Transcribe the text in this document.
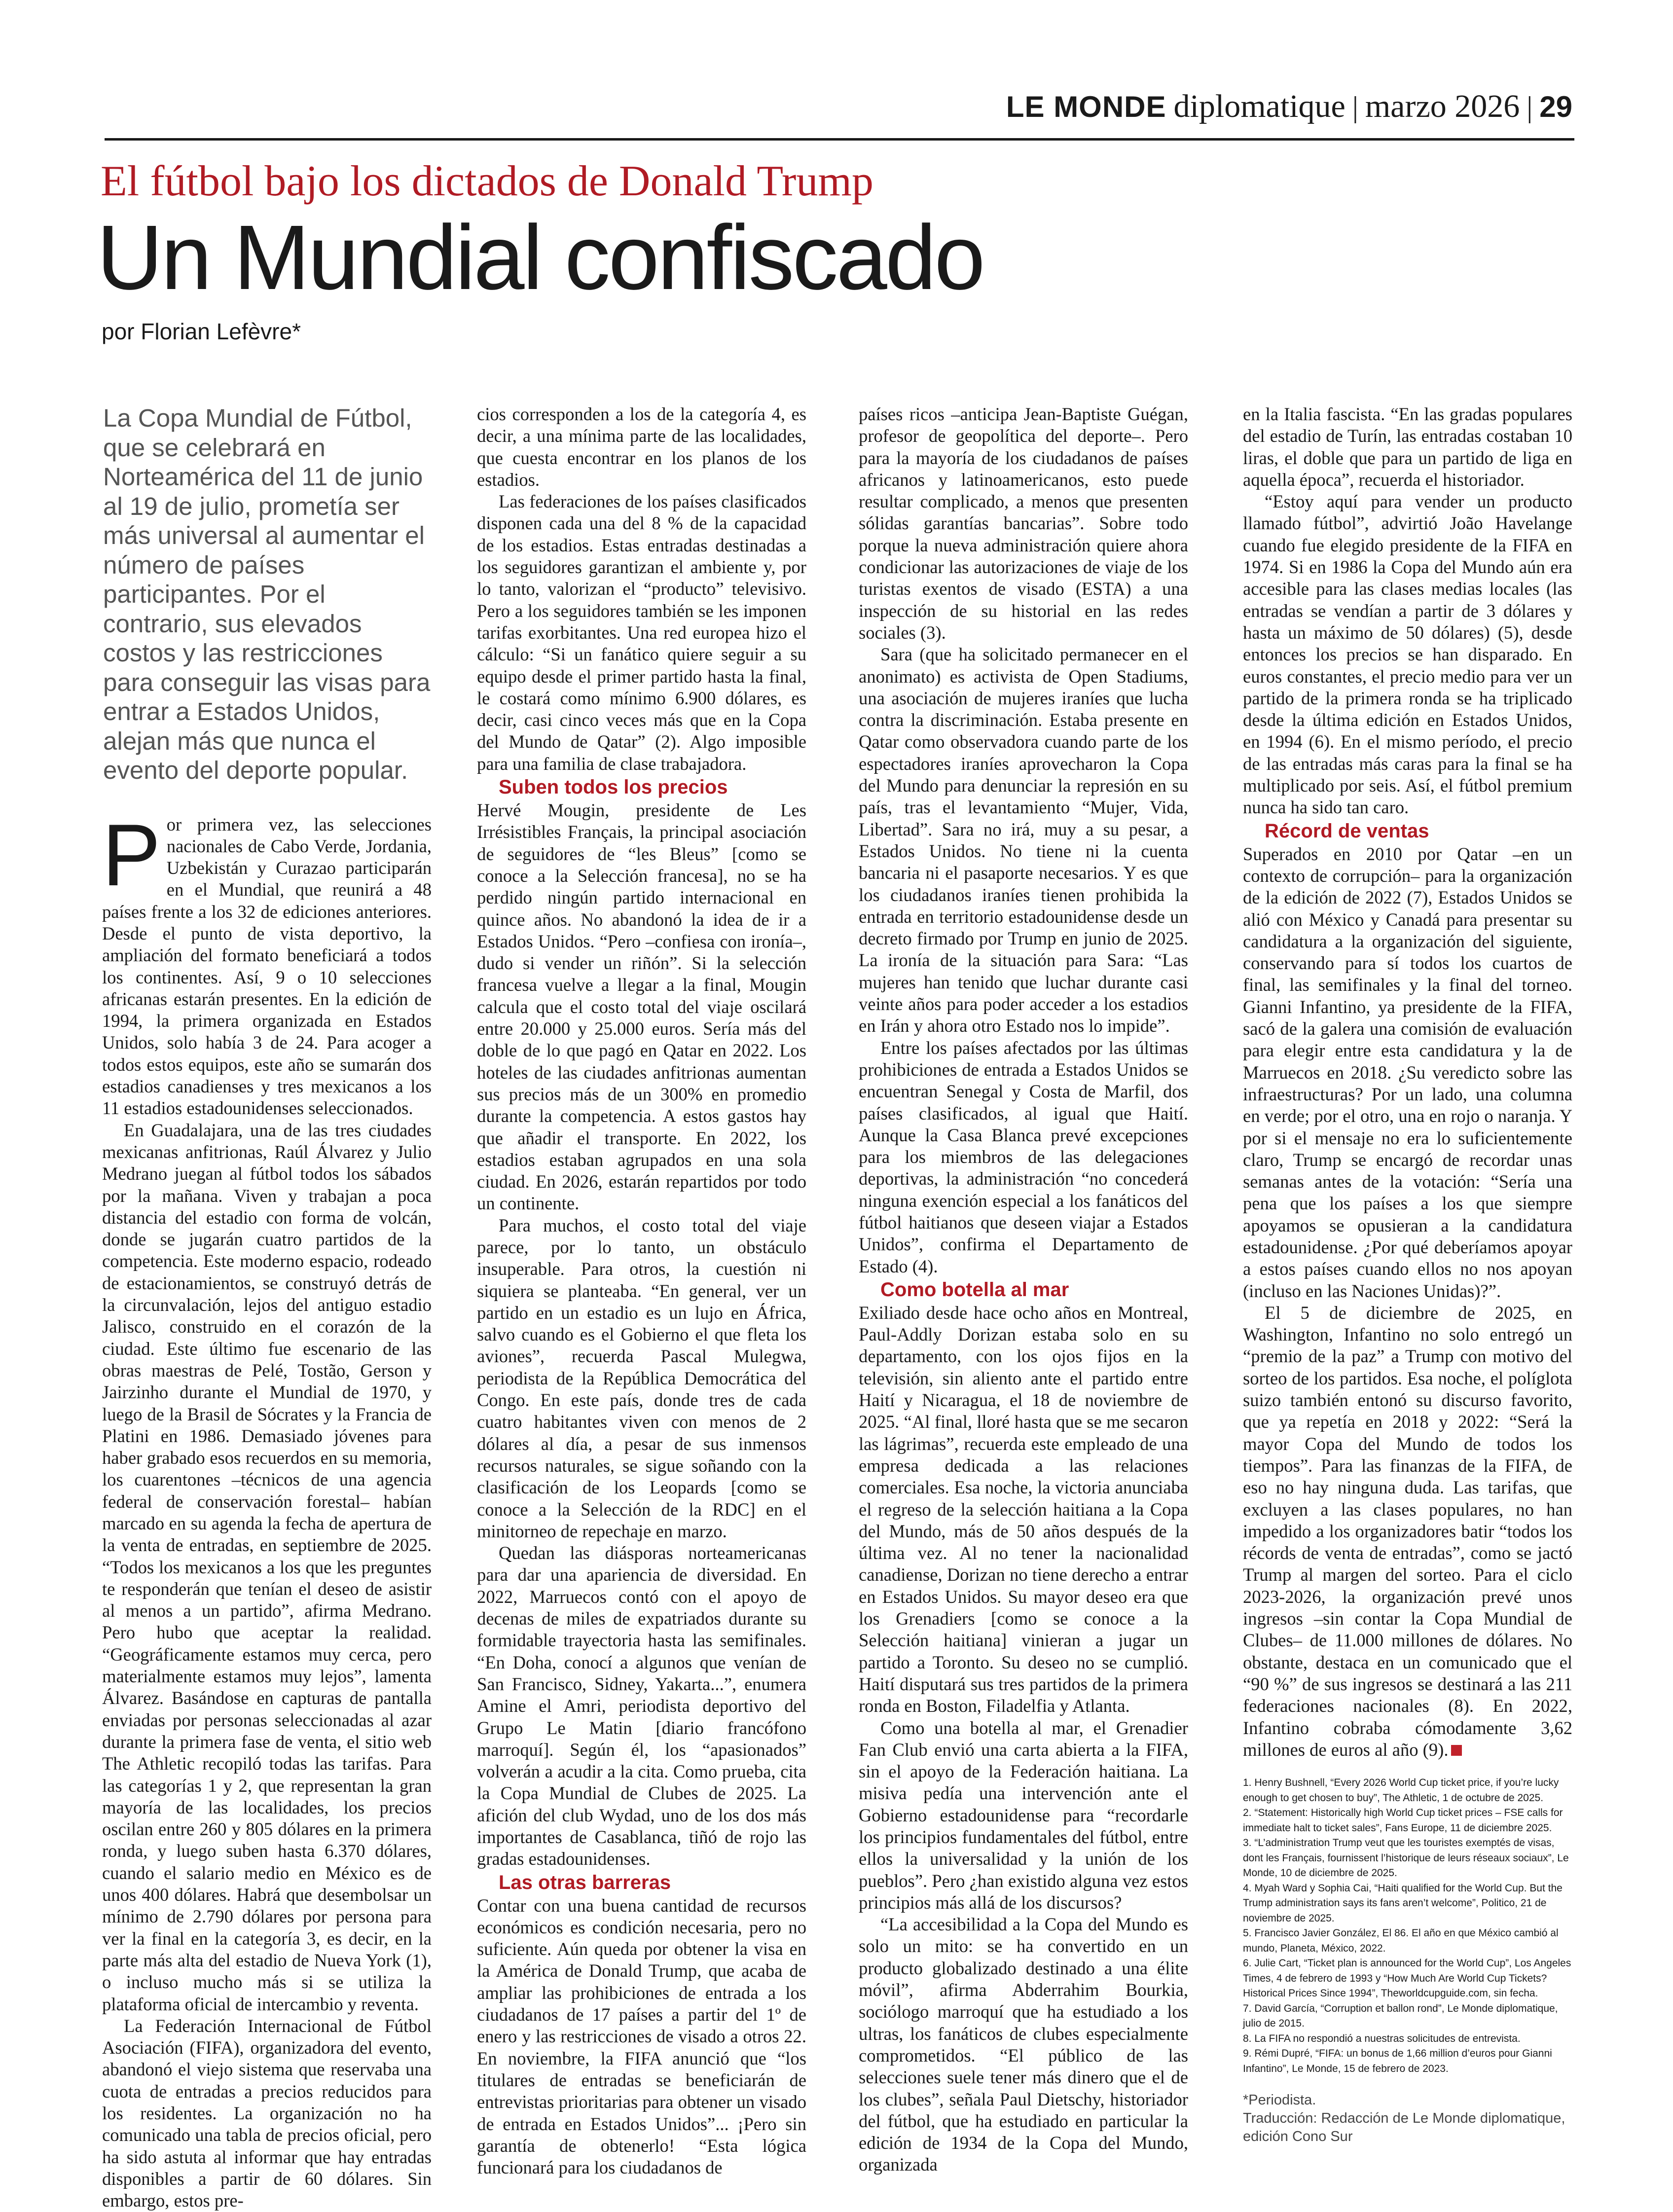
LE MONDE diplomatique | marzo 2026 | 29
El fútbol bajo los dictados de Donald Trump
Un Mundial confiscado
por Florian Lefèvre*
La Copa Mundial de Fútbol, que se celebrará en Norteamérica del 11 de junio al 19 de julio, prometía ser más universal al aumentar el número de países participantes. Por el contrario, sus elevados costos y las restricciones para conseguir las visas para entrar a Estados Unidos, alejan más que nunca el evento del deporte popular.

Por primera vez, las selecciones nacionales de Cabo Verde, Jordania, Uzbekistán y Curazao participarán en el Mundial, que reunirá a 48 países frente a los 32 de ediciones anteriores. Desde el punto de vista deportivo, la ampliación del formato beneficiará a todos los continentes. Así, 9 o 10 selecciones africanas estarán presentes. En la edición de 1994, la primera organizada en Estados Unidos, solo había 3 de 24. Para acoger a todos estos equipos, este año se sumarán dos estadios canadienses y tres mexicanos a los 11 estadios estadounidenses seleccionados.

En Guadalajara, una de las tres ciudades mexicanas anfitrionas, Raúl Álvarez y Julio Medrano juegan al fútbol todos los sábados por la mañana. Viven y trabajan a poca distancia del estadio con forma de volcán, donde se jugarán cuatro partidos de la competencia. Este moderno espacio, rodeado de estacionamientos, se construyó detrás de la circunvalación, lejos del antiguo estadio Jalisco, construido en el corazón de la ciudad. Este último fue escenario de las obras maestras de Pelé, Tostão, Gerson y Jairzinho durante el Mundial de 1970, y luego de la Brasil de Sócrates y la Francia de Platini en 1986. Demasiado jóvenes para haber grabado esos recuerdos en su memoria, los cuarentones –técnicos de una agencia federal de conservación forestal– habían marcado en su agenda la fecha de apertura de la venta de entradas, en septiembre de 2025. “Todos los mexicanos a los que les preguntes te responderán que tenían el deseo de asistir al menos a un partido”, afirma Medrano. Pero hubo que aceptar la realidad. “Geográficamente estamos muy cerca, pero materialmente estamos muy lejos”, lamenta Álvarez. Basándose en capturas de pantalla enviadas por personas seleccionadas al azar durante la primera fase de venta, el sitio web The Athletic recopiló todas las tarifas. Para las categorías 1 y 2, que representan la gran mayoría de las localidades, los precios oscilan entre 260 y 805 dólares en la primera ronda, y luego suben hasta 6.370 dólares, cuando el salario medio en México es de unos 400 dólares. Habrá que desembolsar un mínimo de 2.790 dólares por persona para ver la final en la categoría 3, es decir, en la parte más alta del estadio de Nueva York (1), o incluso mucho más si se utiliza la plataforma oficial de intercambio y reventa.

La Federación Internacional de Fútbol Asociación (FIFA), organizadora del evento, abandonó el viejo sistema que reservaba una cuota de entradas a precios reducidos para los residentes. La organización no ha comunicado una tabla de precios oficial, pero ha sido astuta al informar que hay entradas disponibles a partir de 60 dólares. Sin embargo, estos pre-

cios corresponden a los de la categoría 4, es decir, a una mínima parte de las localidades, que cuesta encontrar en los planos de los estadios.

Las federaciones de los países clasificados disponen cada una del 8 % de la capacidad de los estadios. Estas entradas destinadas a los seguidores garantizan el ambiente y, por lo tanto, valorizan el “producto” televisivo. Pero a los seguidores también se les imponen tarifas exorbitantes. Una red europea hizo el cálculo: “Si un fanático quiere seguir a su equipo desde el primer partido hasta la final, le costará como mínimo 6.900 dólares, es decir, casi cinco veces más que en la Copa del Mundo de Qatar” (2). Algo imposible para una familia de clase trabajadora.

Suben todos los precios

Hervé Mougin, presidente de Les Irrésistibles Français, la principal asociación de seguidores de “les Bleus” [como se conoce a la Selección francesa], no se ha perdido ningún partido internacional en quince años. No abandonó la idea de ir a Estados Unidos. “Pero –confiesa con ironía–, dudo si vender un riñón”. Si la selección francesa vuelve a llegar a la final, Mougin calcula que el costo total del viaje oscilará entre 20.000 y 25.000 euros. Sería más del doble de lo que pagó en Qatar en 2022. Los hoteles de las ciudades anfitrionas aumentan sus precios más de un 300% en promedio durante la competencia. A estos gastos hay que añadir el transporte. En 2022, los estadios estaban agrupados en una sola ciudad. En 2026, estarán repartidos por todo un continente.

Para muchos, el costo total del viaje parece, por lo tanto, un obstáculo insuperable. Para otros, la cuestión ni siquiera se planteaba. “En general, ver un partido en un estadio es un lujo en África, salvo cuando es el Gobierno el que fleta los aviones”, recuerda Pascal Mulegwa, periodista de la República Democrática del Congo. En este país, donde tres de cada cuatro habitantes viven con menos de 2 dólares al día, a pesar de sus inmensos recursos naturales, se sigue soñando con la clasificación de los Leopards [como se conoce a la Selección de la RDC] en el minitorneo de repechaje en marzo.

Quedan las diásporas norteamericanas para dar una apariencia de diversidad. En 2022, Marruecos contó con el apoyo de decenas de miles de expatriados durante su formidable trayectoria hasta las semifinales. “En Doha, conocí a algunos que venían de San Francisco, Sidney, Yakarta...”, enumera Amine el Amri, periodista deportivo del Grupo Le Matin [diario francófono marroquí]. Según él, los “apasionados” volverán a acudir a la cita. Como prueba, cita la Copa Mundial de Clubes de 2025. La afición del club Wydad, uno de los dos más importantes de Casablanca, tiñó de rojo las gradas estadounidenses.

Las otras barreras

Contar con una buena cantidad de recursos económicos es condición necesaria, pero no suficiente. Aún queda por obtener la visa en la América de Donald Trump, que acaba de ampliar las prohibiciones de entrada a los ciudadanos de 17 países a partir del 1º de enero y las restricciones de visado a otros 22. En noviembre, la FIFA anunció que “los titulares de entradas se beneficiarán de entrevistas prioritarias para obtener un visado de entrada en Estados Unidos”... ¡Pero sin garantía de obtenerlo! “Esta lógica funcionará para los ciudadanos de

países ricos –anticipa Jean-Baptiste Guégan, profesor de geopolítica del deporte–. Pero para la mayoría de los ciudadanos de países africanos y latinoamericanos, esto puede resultar complicado, a menos que presenten sólidas garantías bancarias”. Sobre todo porque la nueva administración quiere ahora condicionar las autorizaciones de viaje de los turistas exentos de visado (ESTA) a una inspección de su historial en las redes sociales (3).

Sara (que ha solicitado permanecer en el anonimato) es activista de Open Stadiums, una asociación de mujeres iraníes que lucha contra la discriminación. Estaba presente en Qatar como observadora cuando parte de los espectadores iraníes aprovecharon la Copa del Mundo para denunciar la represión en su país, tras el levantamiento “Mujer, Vida, Libertad”. Sara no irá, muy a su pesar, a Estados Unidos. No tiene ni la cuenta bancaria ni el pasaporte necesarios. Y es que los ciudadanos iraníes tienen prohibida la entrada en territorio estadounidense desde un decreto firmado por Trump en junio de 2025. La ironía de la situación para Sara: “Las mujeres han tenido que luchar durante casi veinte años para poder acceder a los estadios en Irán y ahora otro Estado nos lo impide”.

Entre los países afectados por las últimas prohibiciones de entrada a Estados Unidos se encuentran Senegal y Costa de Marfil, dos países clasificados, al igual que Haití. Aunque la Casa Blanca prevé excepciones para los miembros de las delegaciones deportivas, la administración “no concederá ninguna exención especial a los fanáticos del fútbol haitianos que deseen viajar a Estados Unidos”, confirma el Departamento de Estado (4).

Como botella al mar

Exiliado desde hace ocho años en Montreal, Paul-Addly Dorizan estaba solo en su departamento, con los ojos fijos en la televisión, sin aliento ante el partido entre Haití y Nicaragua, el 18 de noviembre de 2025. “Al final, lloré hasta que se me secaron las lágrimas”, recuerda este empleado de una empresa dedicada a las relaciones comerciales. Esa noche, la victoria anunciaba el regreso de la selección haitiana a la Copa del Mundo, más de 50 años después de la última vez. Al no tener la nacionalidad canadiense, Dorizan no tiene derecho a entrar en Estados Unidos. Su mayor deseo era que los Grenadiers [como se conoce a la Selección haitiana] vinieran a jugar un partido a Toronto. Su deseo no se cumplió. Haití disputará sus tres partidos de la primera ronda en Boston, Filadelfia y Atlanta.

Como una botella al mar, el Grenadier Fan Club envió una carta abierta a la FIFA, sin el apoyo de la Federación haitiana. La misiva pedía una intervención ante el Gobierno estadounidense para “recordarle los principios fundamentales del fútbol, entre ellos la universalidad y la unión de los pueblos”. Pero ¿han existido alguna vez estos principios más allá de los discursos?

“La accesibilidad a la Copa del Mundo es solo un mito: se ha convertido en un producto globalizado destinado a una élite móvil”, afirma Abderrahim Bourkia, sociólogo marroquí que ha estudiado a los ultras, los fanáticos de clubes especialmente comprometidos. “El público de las selecciones suele tener más dinero que el de los clubes”, señala Paul Dietschy, historiador del fútbol, que ha estudiado en particular la edición de 1934 de la Copa del Mundo, organizada

en la Italia fascista. “En las gradas populares del estadio de Turín, las entradas costaban 10 liras, el doble que para un partido de liga en aquella época”, recuerda el historiador.

“Estoy aquí para vender un producto llamado fútbol”, advirtió João Havelange cuando fue elegido presidente de la FIFA en 1974. Si en 1986 la Copa del Mundo aún era accesible para las clases medias locales (las entradas se vendían a partir de 3 dólares y hasta un máximo de 50 dólares) (5), desde entonces los precios se han disparado. En euros constantes, el precio medio para ver un partido de la primera ronda se ha triplicado desde la última edición en Estados Unidos, en 1994 (6). En el mismo período, el precio de las entradas más caras para la final se ha multiplicado por seis. Así, el fútbol premium nunca ha sido tan caro.

Récord de ventas

Superados en 2010 por Qatar –en un contexto de corrupción– para la organización de la edición de 2022 (7), Estados Unidos se alió con México y Canadá para presentar su candidatura a la organización del siguiente, conservando para sí todos los cuartos de final, las semifinales y la final del torneo. Gianni Infantino, ya presidente de la FIFA, sacó de la galera una comisión de evaluación para elegir entre esta candidatura y la de Marruecos en 2018. ¿Su veredicto sobre las infraestructuras? Por un lado, una columna en verde; por el otro, una en rojo o naranja. Y por si el mensaje no era lo suficientemente claro, Trump se encargó de recordar unas semanas antes de la votación: “Sería una pena que los países a los que siempre apoyamos se opusieran a la candidatura estadounidense. ¿Por qué deberíamos apoyar a estos países cuando ellos no nos apoyan (incluso en las Naciones Unidas)?”.

El 5 de diciembre de 2025, en Washington, Infantino no solo entregó un “premio de la paz” a Trump con motivo del sorteo de los partidos. Esa noche, el políglota suizo también entonó su discurso favorito, que ya repetía en 2018 y 2022: “Será la mayor Copa del Mundo de todos los tiempos”. Para las finanzas de la FIFA, de eso no hay ninguna duda. Las tarifas, que excluyen a las clases populares, no han impedido a los organizadores batir “todos los récords de venta de entradas”, como se jactó Trump al margen del sorteo. Para el ciclo 2023-2026, la organización prevé unos ingresos –sin contar la Copa Mundial de Clubes– de 11.000 millones de dólares. No obstante, destaca en un comunicado que el “90 %” de sus ingresos se destinará a las 211 federaciones nacionales (8). En 2022, Infantino cobraba cómodamente 3,62 millones de euros al año (9).

1. Henry Bushnell, “Every 2026 World Cup ticket price, if you’re lucky enough to get chosen to buy”, The Athletic, 1 de octubre de 2025.
2. “Statement: Historically high World Cup ticket prices – FSE calls for immediate halt to ticket sales”, Fans Europe, 11 de diciembre 2025.
3. “L’administration Trump veut que les touristes exemptés de visas, dont les Français, fournissent l’historique de leurs réseaux sociaux”, Le Monde, 10 de diciembre de 2025.
4. Myah Ward y Sophia Cai, “Haiti qualified for the World Cup. But the Trump administration says its fans aren’t welcome”, Politico, 21 de noviembre de 2025.
5. Francisco Javier González, El 86. El año en que México cambió al mundo, Planeta, México, 2022.
6. Julie Cart, “Ticket plan is announced for the World Cup”, Los Angeles Times, 4 de febrero de 1993 y “How Much Are World Cup Tickets? Historical Prices Since 1994”, Theworldcupguide.com, sin fecha.
7. David García, “Corruption et ballon rond”, Le Monde diplomatique, julio de 2015.
8. La FIFA no respondió a nuestras solicitudes de entrevista.
9. Rémi Dupré, “FIFA: un bonus de 1,66 million d’euros pour Gianni Infantino”, Le Monde, 15 de febrero de 2023.
*Periodista.
Traducción: Redacción de Le Monde diplomatique, edición Cono Sur
